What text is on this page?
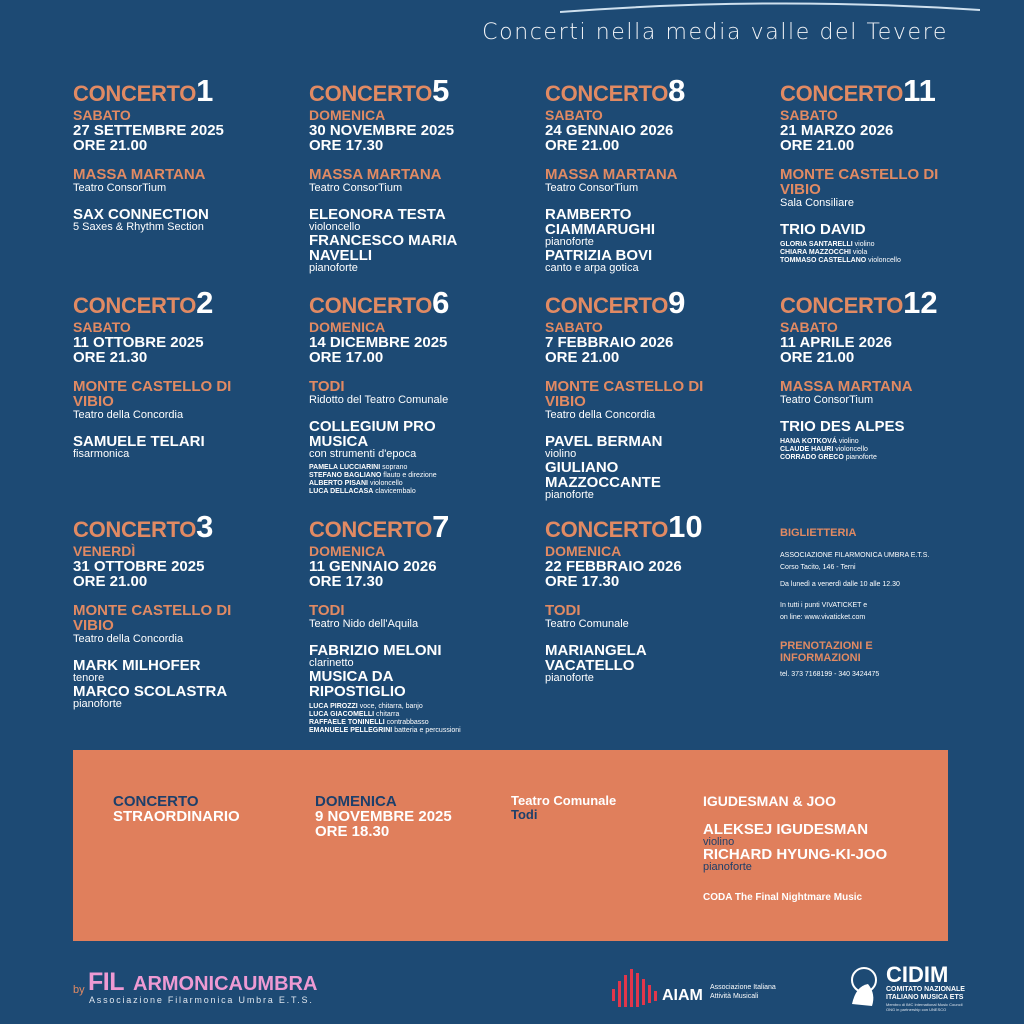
Concerti nella media valle del Tevere
CONCERTO1
SABATO
27 SETTEMBRE 2025
ORE 21.00
MASSA MARTANA
Teatro ConsorTium
SAX CONNECTION
5 Saxes & Rhythm Section
CONCERTO5
DOMENICA
30 NOVEMBRE 2025
ORE 17.30
MASSA MARTANA
Teatro ConsorTium
ELEONORA TESTA
violoncello
FRANCESCO MARIA NAVELLI
pianoforte
CONCERTO8
SABATO
24 GENNAIO 2026
ORE 21.00
MASSA MARTANA
Teatro ConsorTium
RAMBERTO CIAMMARUGHI
pianoforte
PATRIZIA BOVI
canto e arpa gotica
CONCERTO11
SABATO
21 MARZO 2026
ORE 21.00
MONTE CASTELLO DI VIBIO
Sala Consiliare
TRIO DAVID
GLORIA SANTARELLI violino
CHIARA MAZZOCCHI viola
TOMMASO CASTELLANO violoncello
CONCERTO2
SABATO
11 OTTOBRE 2025
ORE 21.30
MONTE CASTELLO DI VIBIO
Teatro della Concordia
SAMUELE TELARI
fisarmonica
CONCERTO6
DOMENICA
14 DICEMBRE 2025
ORE 17.00
TODI
Ridotto del Teatro Comunale
COLLEGIUM PRO MUSICA
con strumenti d'epoca
PAMELA LUCCIARINI soprano
STEFANO BAGLIANO flauto e direzione
ALBERTO PISANI violoncello
LUCA DELLACASA clavicembalo
CONCERTO9
SABATO
7 FEBBRAIO 2026
ORE 21.00
MONTE CASTELLO DI VIBIO
Teatro della Concordia
PAVEL BERMAN
violino
GIULIANO MAZZOCCANTE
pianoforte
CONCERTO12
SABATO
11 APRILE 2026
ORE 21.00
MASSA MARTANA
Teatro ConsorTium
TRIO DES ALPES
HANA KOTKOVÁ violino
CLAUDE HAURI violoncello
CORRADO GRECO pianoforte
CONCERTO3
VENERDÌ
31 OTTOBRE 2025
ORE 21.00
MONTE CASTELLO DI VIBIO
Teatro della Concordia
MARK MILHOFER
tenore
MARCO SCOLASTRA
pianoforte
CONCERTO7
DOMENICA
11 GENNAIO 2026
ORE 17.30
TODI
Teatro Nido dell'Aquila
FABRIZIO MELONI
clarinetto
MUSICA DA RIPOSTIGLIO
LUCA PIROZZI voce, chitarra, banjo
LUCA GIACOMELLI chitarra
RAFFAELE TONINELLI contrabbasso
EMANUELE PELLEGRINI batteria e percussioni
CONCERTO10
DOMENICA
22 FEBBRAIO 2026
ORE 17.30
TODI
Teatro Comunale
MARIANGELA VACATELLO
pianoforte
BIGLIETTERIA
ASSOCIAZIONE FILARMONICA UMBRA E.T.S.
Corso Tacito, 146 - Terni
Da lunedì a venerdì dalle 10 alle 12.30
In tutti i punti VIVATICKET e
on line: www.vivaticket.com
PRENOTAZIONI E INFORMAZIONI
tel. 373 7168199 - 340 3424475
CONCERTO
STRAORDINARIO
DOMENICA
9 NOVEMBRE 2025
ORE 18.30
Teatro Comunale
Todi
IGUDESMAN & JOO
ALEKSEJ IGUDESMAN
violino
RICHARD HYUNG-KI-JOO
pianoforte
CODA The Final Nightmare Music
by FIL ARMONICAUMBRA
Associazione Filarmonica Umbra E.T.S.	AIAM Associazione Italiana
Attività Musicali
CIDIM
COMITATO NAZIONALE
ITALIANO MUSICA ETS
Membro di IMC International Music Council
ONG in partnership con UNESCO
